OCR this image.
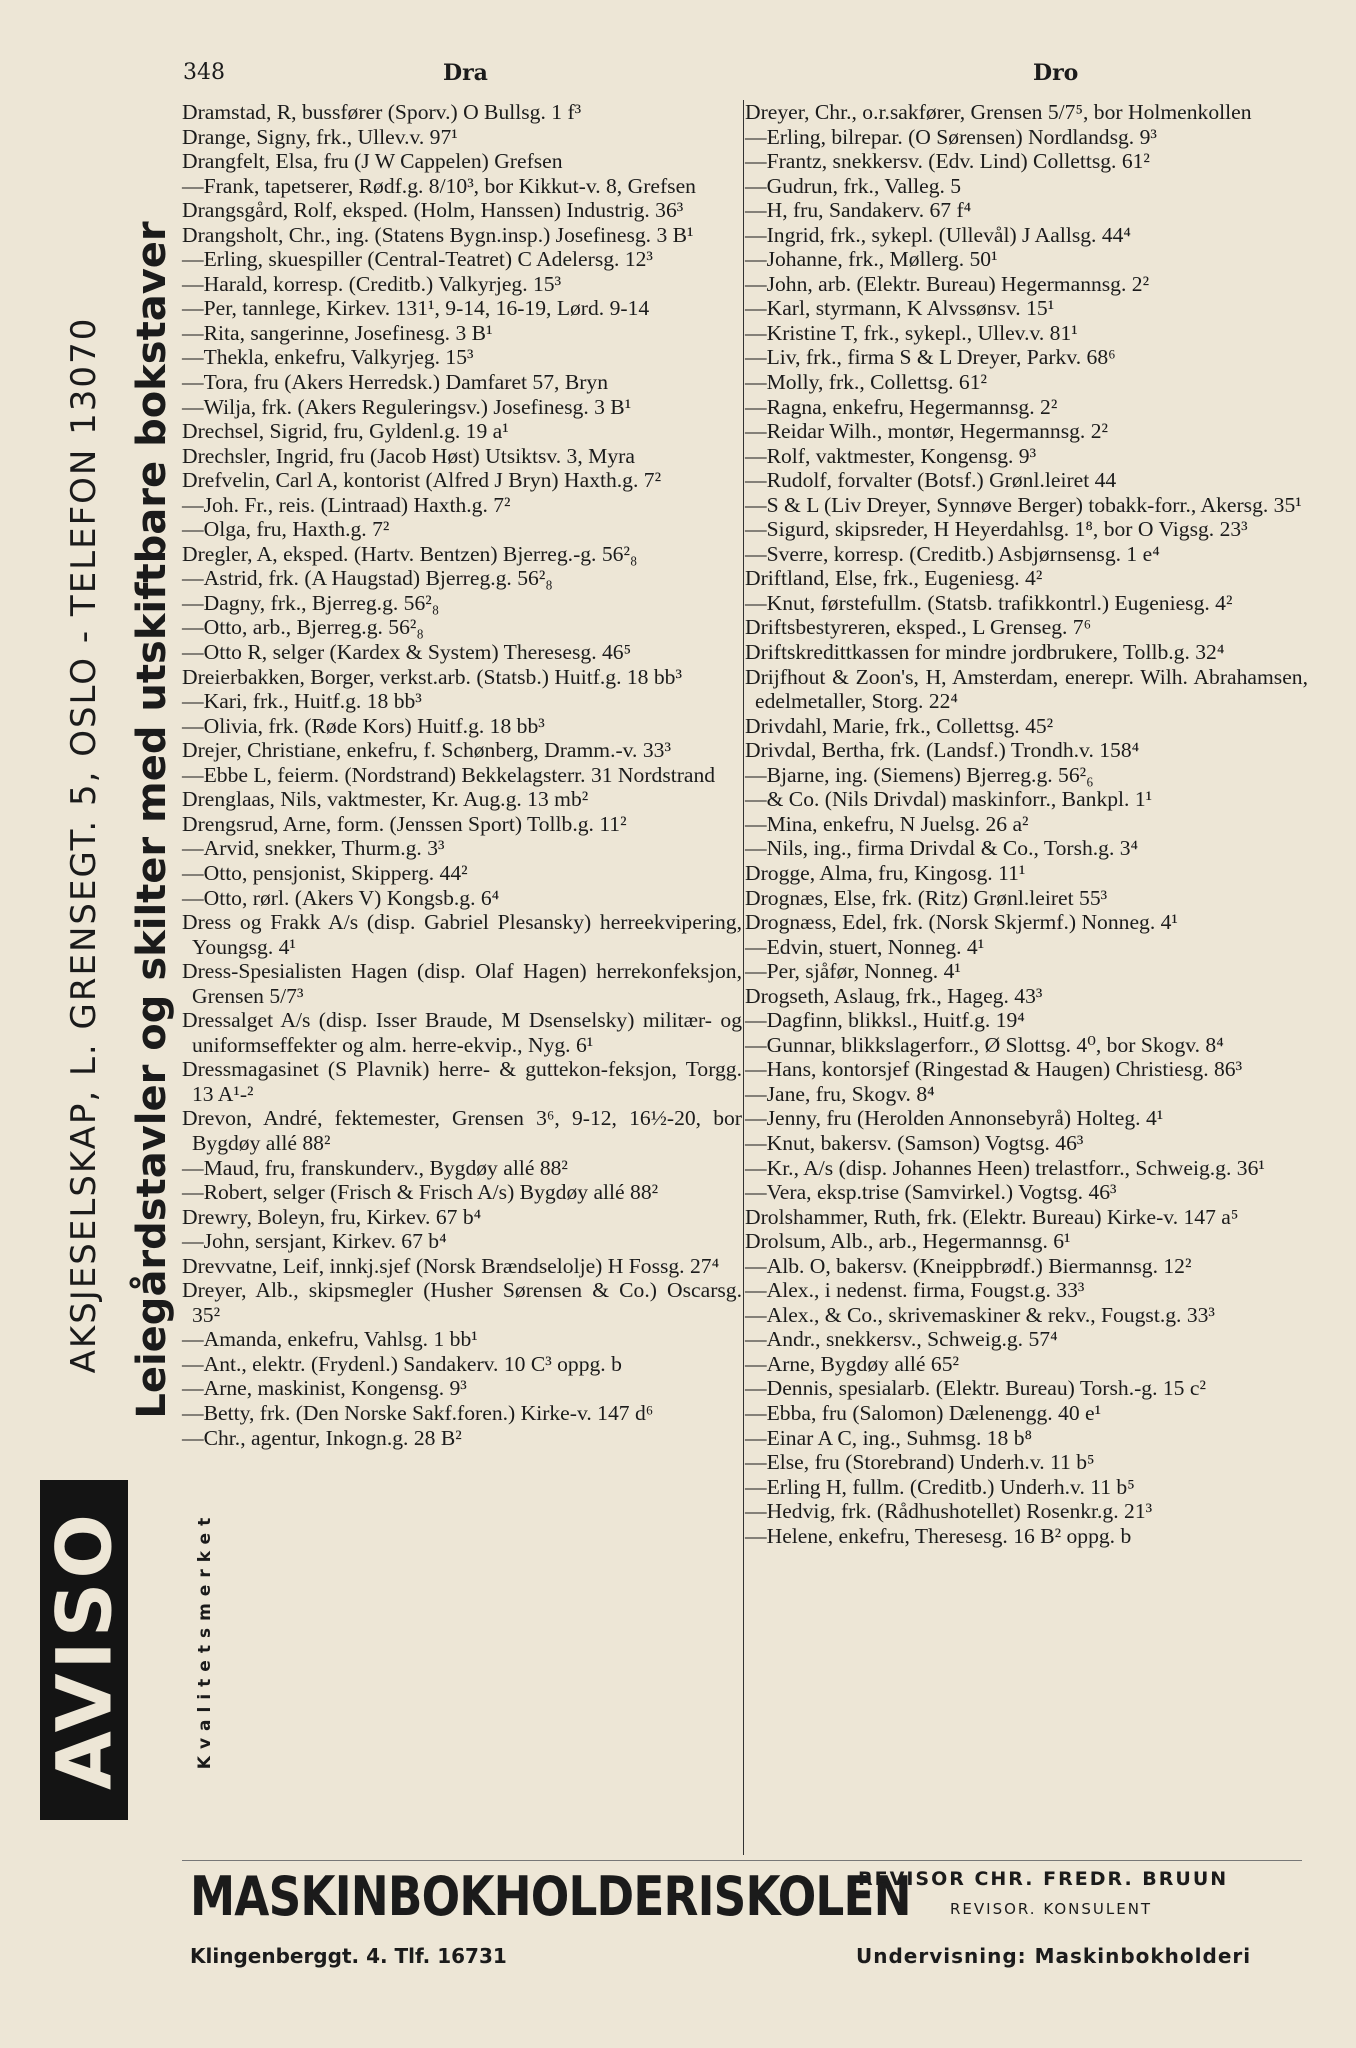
348	Dra	Dro
AKSJESELSKAP, L. GRENSEGT. 5, OSLO - TELEFON 13070 Leiegårdstavler og skilter med utskiftbare bokstaver
Kvalitetsmerket
AVISO

Dramstad, R, bussfører (Sporv.) O Bullsg. 1 f³

Drange, Signy, frk., Ullev.v. 97¹

Drangfelt, Elsa, fru (J W Cappelen) Grefsen

—Frank, tapetserer, Rødf.g. 8/10³, bor Kikkut-v. 8, Grefsen

Drangsgård, Rolf, eksped. (Holm, Hanssen) Industrig. 36³

Drangsholt, Chr., ing. (Statens Bygn.insp.) Josefinesg. 3 B¹

—Erling, skuespiller (Central-Teatret) C Adelersg. 12³

—Harald, korresp. (Creditb.) Valkyrjeg. 15³

—Per, tannlege, Kirkev. 131¹, 9-14, 16-19, Lørd. 9-14

—Rita, sangerinne, Josefinesg. 3 B¹

—Thekla, enkefru, Valkyrjeg. 15³

—Tora, fru (Akers Herredsk.) Damfaret 57, Bryn

—Wilja, frk. (Akers Reguleringsv.) Josefinesg. 3 B¹

Drechsel, Sigrid, fru, Gyldenl.g. 19 a¹

Drechsler, Ingrid, fru (Jacob Høst) Utsiktsv. 3, Myra

Drefvelin, Carl A, kontorist (Alfred J Bryn) Haxth.g. 7²

—Joh. Fr., reis. (Lintraad) Haxth.g. 7²

—Olga, fru, Haxth.g. 7²

Dregler, A, eksped. (Hartv. Bentzen) Bjerreg.-g. 56²₈

—Astrid, frk. (A Haugstad) Bjerreg.g. 56²₈

—Dagny, frk., Bjerreg.g. 56²₈

—Otto, arb., Bjerreg.g. 56²₈

—Otto R, selger (Kardex & System) Theresesg. 46⁵

Dreierbakken, Borger, verkst.arb. (Statsb.) Huitf.g. 18 bb³

—Kari, frk., Huitf.g. 18 bb³

—Olivia, frk. (Røde Kors) Huitf.g. 18 bb³

Drejer, Christiane, enkefru, f. Schønberg, Dramm.-v. 33³

—Ebbe L, feierm. (Nordstrand) Bekkelagsterr. 31 Nordstrand

Drenglaas, Nils, vaktmester, Kr. Aug.g. 13 mb²

Drengsrud, Arne, form. (Jenssen Sport) Tollb.g. 11²

—Arvid, snekker, Thurm.g. 3³

—Otto, pensjonist, Skipperg. 44²

—Otto, rørl. (Akers V) Kongsb.g. 6⁴

Dress og Frakk A/s (disp. Gabriel Plesansky) herreekvipering, Youngsg. 4¹

Dress-Spesialisten Hagen (disp. Olaf Hagen) herrekonfeksjon, Grensen 5/7³

Dressalget A/s (disp. Isser Braude, M Dsenselsky) militær- og uniformseffekter og alm. herre-ekvip., Nyg. 6¹

Dressmagasinet (S Plavnik) herre- & guttekon-feksjon, Torgg. 13 A¹-²

Drevon, André, fektemester, Grensen 3⁶, 9-12, 16½-20, bor Bygdøy allé 88²

—Maud, fru, franskunderv., Bygdøy allé 88²

—Robert, selger (Frisch & Frisch A/s) Bygdøy allé 88²

Drewry, Boleyn, fru, Kirkev. 67 b⁴

—John, sersjant, Kirkev. 67 b⁴

Drevvatne, Leif, innkj.sjef (Norsk Brændselolje) H Fossg. 27⁴

Dreyer, Alb., skipsmegler (Husher Sørensen & Co.) Oscarsg. 35²

—Amanda, enkefru, Vahlsg. 1 bb¹

—Ant., elektr. (Frydenl.) Sandakerv. 10 C³ oppg. b

—Arne, maskinist, Kongensg. 9³

—Betty, frk. (Den Norske Sakf.foren.) Kirke-v. 147 d⁶

—Chr., agentur, Inkogn.g. 28 B²

Dreyer, Chr., o.r.sakfører, Grensen 5/7⁵, bor Holmenkollen

—Erling, bilrepar. (O Sørensen) Nordlandsg. 9³

—Frantz, snekkersv. (Edv. Lind) Collettsg. 61²

—Gudrun, frk., Valleg. 5

—H, fru, Sandakerv. 67 f⁴

—Ingrid, frk., sykepl. (Ullevål) J Aallsg. 44⁴

—Johanne, frk., Møllerg. 50¹

—John, arb. (Elektr. Bureau) Hegermannsg. 2²

—Karl, styrmann, K Alvssønsv. 15¹

—Kristine T, frk., sykepl., Ullev.v. 81¹

—Liv, frk., firma S & L Dreyer, Parkv. 68⁶

—Molly, frk., Collettsg. 61²

—Ragna, enkefru, Hegermannsg. 2²

—Reidar Wilh., montør, Hegermannsg. 2²

—Rolf, vaktmester, Kongensg. 9³

—Rudolf, forvalter (Botsf.) Grønl.leiret 44

—S & L (Liv Dreyer, Synnøve Berger) tobakk-forr., Akersg. 35¹

—Sigurd, skipsreder, H Heyerdahlsg. 1⁸, bor O Vigsg. 23³

—Sverre, korresp. (Creditb.) Asbjørnsensg. 1 e⁴

Driftland, Else, frk., Eugeniesg. 4²

—Knut, førstefullm. (Statsb. trafikkontrl.) Eugeniesg. 4²

Driftsbestyreren, eksped., L Grenseg. 7⁶

Driftskredittkassen for mindre jordbrukere, Tollb.g. 32⁴

Drijfhout & Zoon's, H, Amsterdam, enerepr. Wilh. Abrahamsen, edelmetaller, Storg. 22⁴

Drivdahl, Marie, frk., Collettsg. 45²

Drivdal, Bertha, frk. (Landsf.) Trondh.v. 158⁴

—Bjarne, ing. (Siemens) Bjerreg.g. 56²₆

—& Co. (Nils Drivdal) maskinforr., Bankpl. 1¹

—Mina, enkefru, N Juelsg. 26 a²

—Nils, ing., firma Drivdal & Co., Torsh.g. 3⁴

Drogge, Alma, fru, Kingosg. 11¹

Drognæs, Else, frk. (Ritz) Grønl.leiret 55³

Drognæss, Edel, frk. (Norsk Skjermf.) Nonneg. 4¹

—Edvin, stuert, Nonneg. 4¹

—Per, sjåfør, Nonneg. 4¹

Drogseth, Aslaug, frk., Hageg. 43³

—Dagfinn, blikksl., Huitf.g. 19⁴

—Gunnar, blikkslagerforr., Ø Slottsg. 4⁰, bor Skogv. 8⁴

—Hans, kontorsjef (Ringestad & Haugen) Christiesg. 86³

—Jane, fru, Skogv. 8⁴

—Jenny, fru (Herolden Annonsebyrå) Holteg. 4¹

—Knut, bakersv. (Samson) Vogtsg. 46³

—Kr., A/s (disp. Johannes Heen) trelastforr., Schweig.g. 36¹

—Vera, eksp.trise (Samvirkel.) Vogtsg. 46³

Drolshammer, Ruth, frk. (Elektr. Bureau) Kirke-v. 147 a⁵

Drolsum, Alb., arb., Hegermannsg. 6¹

—Alb. O, bakersv. (Kneippbrødf.) Biermannsg. 12²

—Alex., i nedenst. firma, Fougst.g. 33³

—Alex., & Co., skrivemaskiner & rekv., Fougst.g. 33³

—Andr., snekkersv., Schweig.g. 57⁴

—Arne, Bygdøy allé 65²

—Dennis, spesialarb. (Elektr. Bureau) Torsh.-g. 15 c²

—Ebba, fru (Salomon) Dælenengg. 40 e¹

—Einar A C, ing., Suhmsg. 18 b⁸

—Else, fru (Storebrand) Underh.v. 11 b⁵

—Erling H, fullm. (Creditb.) Underh.v. 11 b⁵

—Hedvig, frk. (Rådhushotellet) Rosenkr.g. 21³

—Helene, enkefru, Theresesg. 16 B² oppg. b

MASKINBOKHOLDERISKOLEN
Klingenberggt. 4. Tlf. 16731
REVISOR CHR. FREDR. BRUUN
REVISOR. KONSULENT
Undervisning: Maskinbokholderi
